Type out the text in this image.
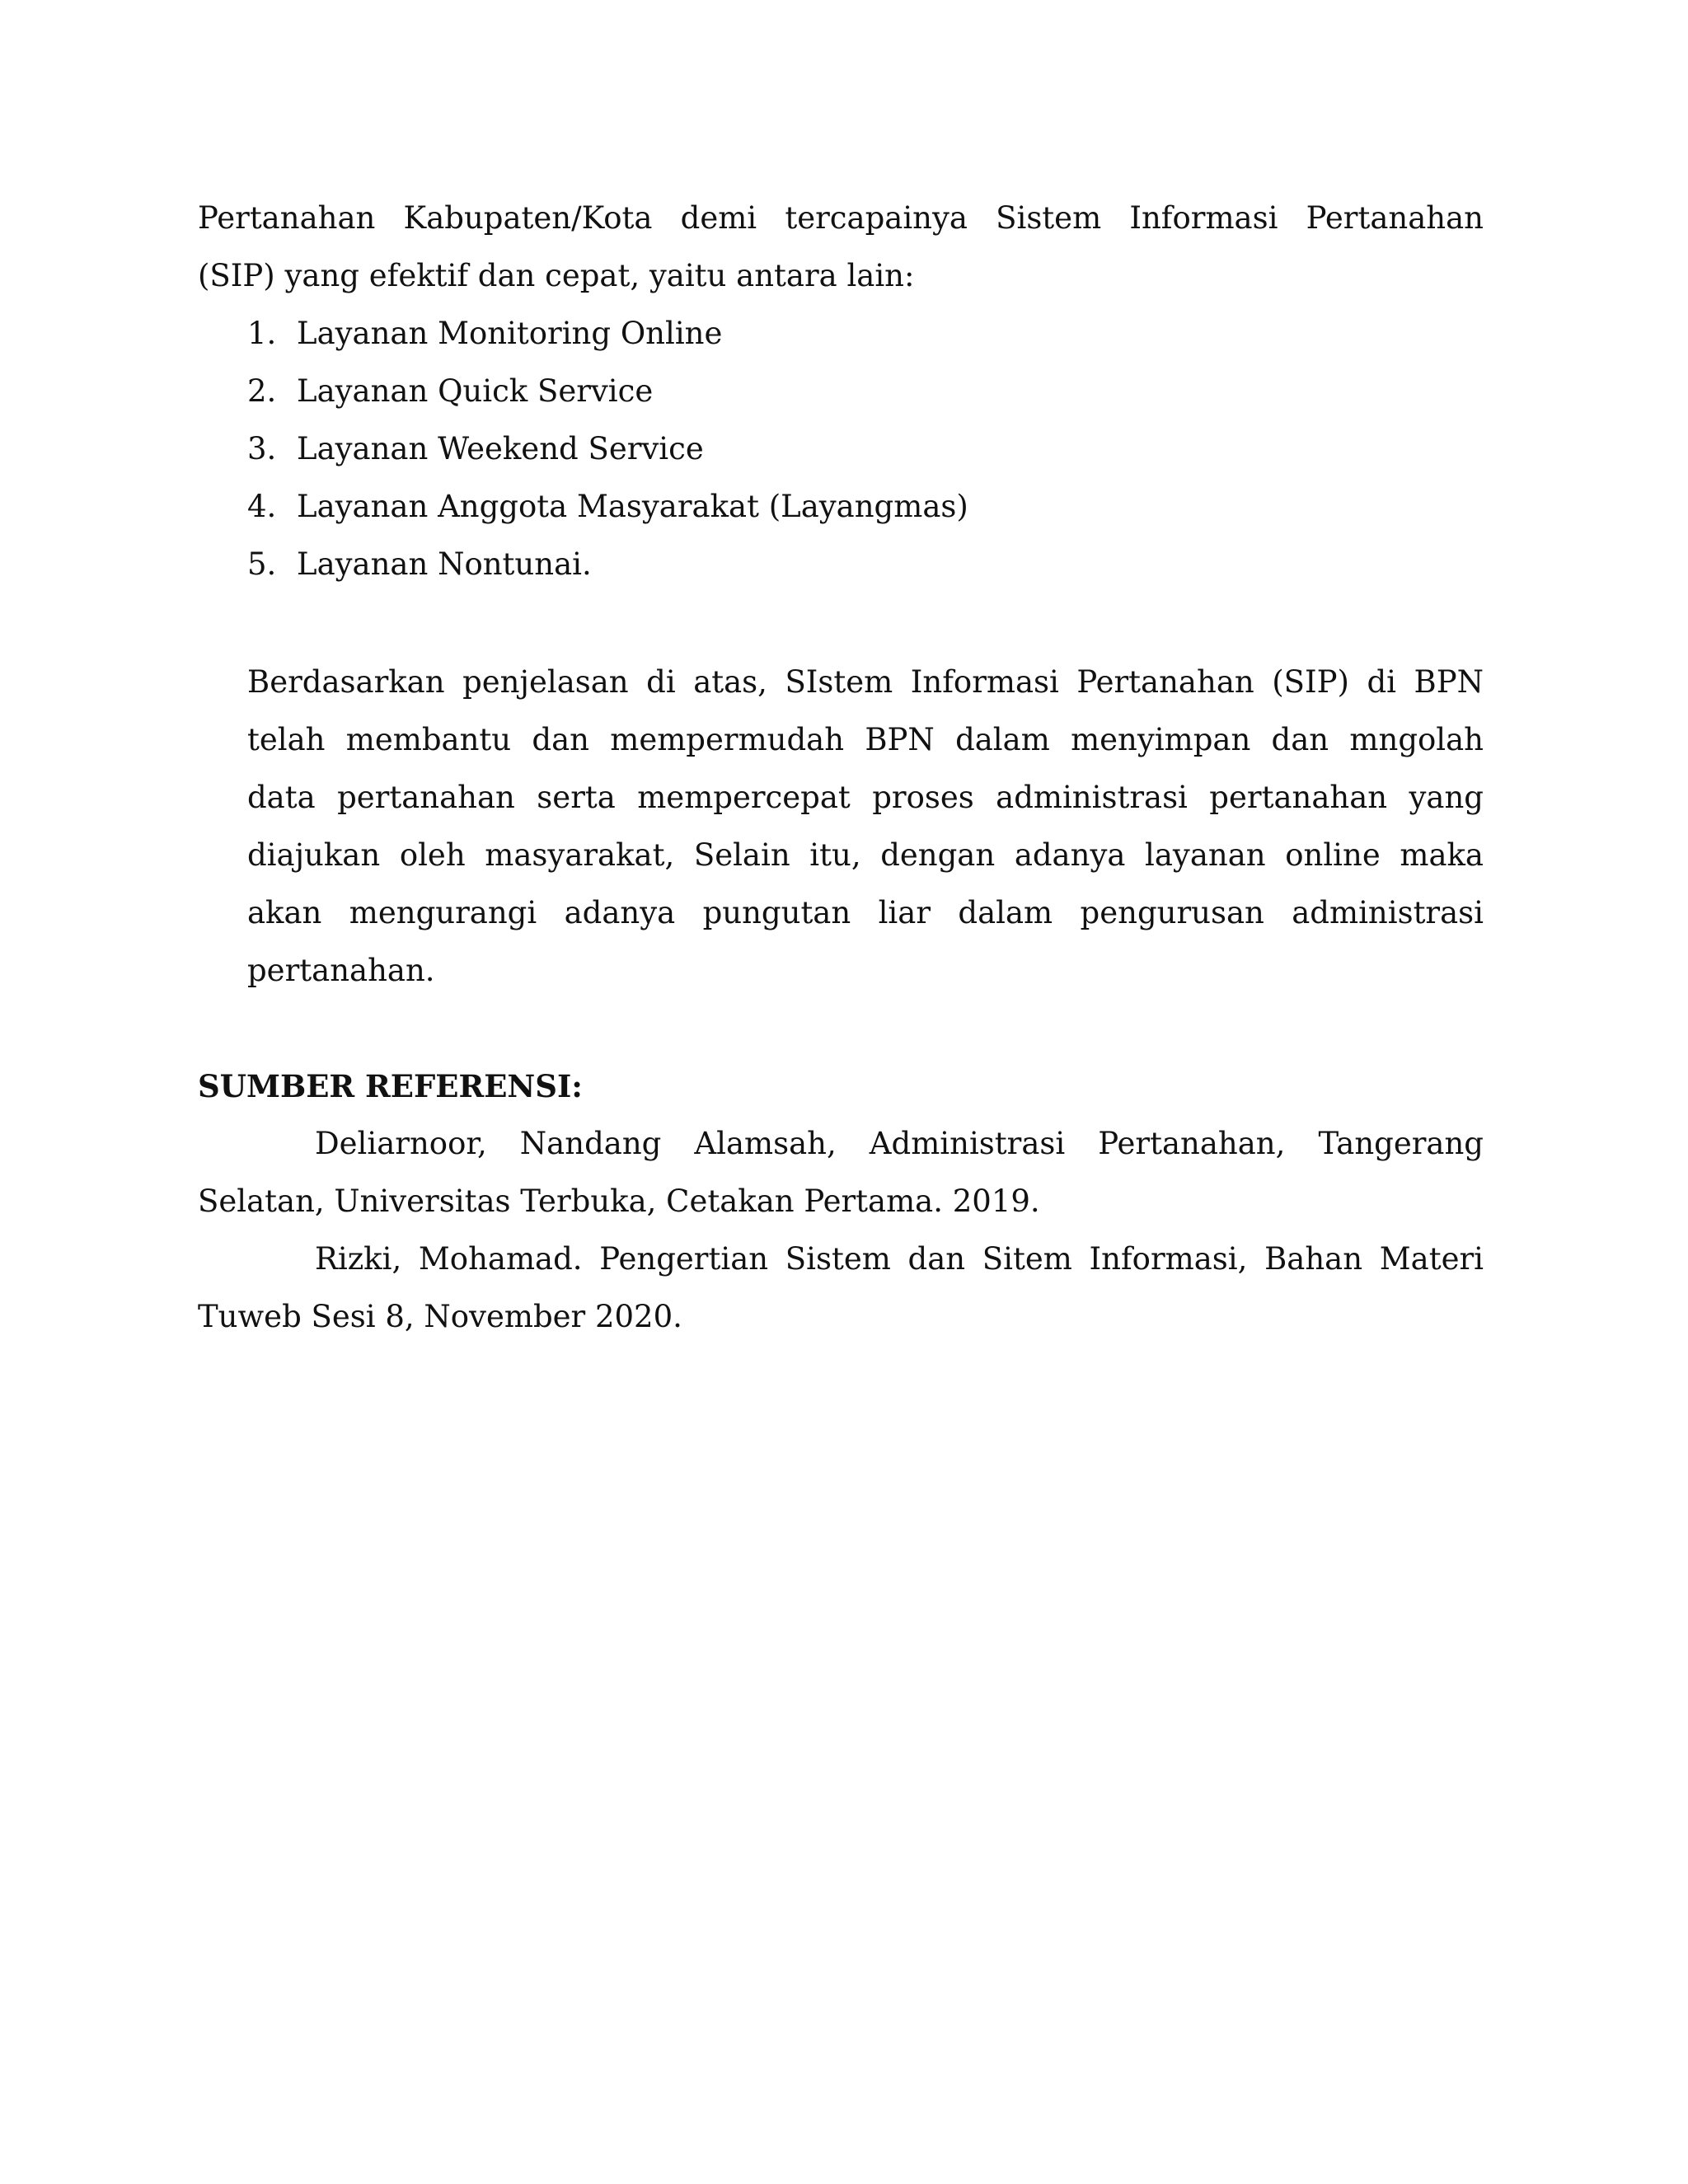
Pertanahan Kabupaten/Kota demi tercapainya Sistem Informasi Pertanahan
(SIP) yang efektif dan cepat, yaitu antara lain:
1. Layanan Monitoring Online
2. Layanan Quick Service
3. Layanan Weekend Service
4. Layanan Anggota Masyarakat (Layangmas)
5. Layanan Nontunai.
Berdasarkan penjelasan di atas, SIstem Informasi Pertanahan (SIP) di BPN
telah membantu dan mempermudah BPN dalam menyimpan dan mngolah
data pertanahan serta mempercepat proses administrasi pertanahan yang
diajukan oleh masyarakat, Selain itu, dengan adanya layanan online maka
akan mengurangi adanya pungutan liar dalam pengurusan administrasi
pertanahan.
SUMBER REFERENSI:
Deliarnoor, Nandang Alamsah, Administrasi Pertanahan, Tangerang
Selatan, Universitas Terbuka, Cetakan Pertama. 2019.
Rizki, Mohamad. Pengertian Sistem dan Sitem Informasi, Bahan Materi
Tuweb Sesi 8, November 2020.
